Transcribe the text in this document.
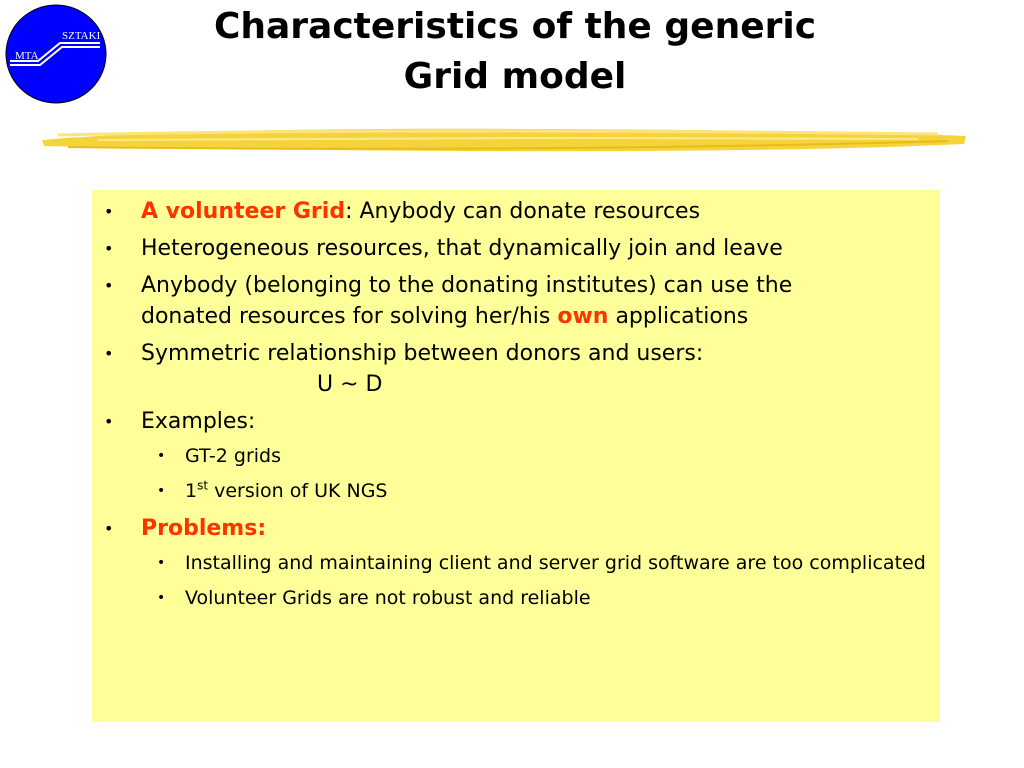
MTA
SZTAKI	Characteristics of the generic
Grid model
• A volunteer Grid: Anybody can donate resources
• Heterogeneous resources, that dynamically join and leave
• Anybody (belonging to the donating institutes) can use the
donated resources for solving her/his own applications
• Symmetric relationship between donors and users:
U ~ D
• Examples:
• GT-2 grids
• 1st version of UK NGS
• Problems:
• Installing and maintaining client and server grid software are too complicated
• Volunteer Grids are not robust and reliable
